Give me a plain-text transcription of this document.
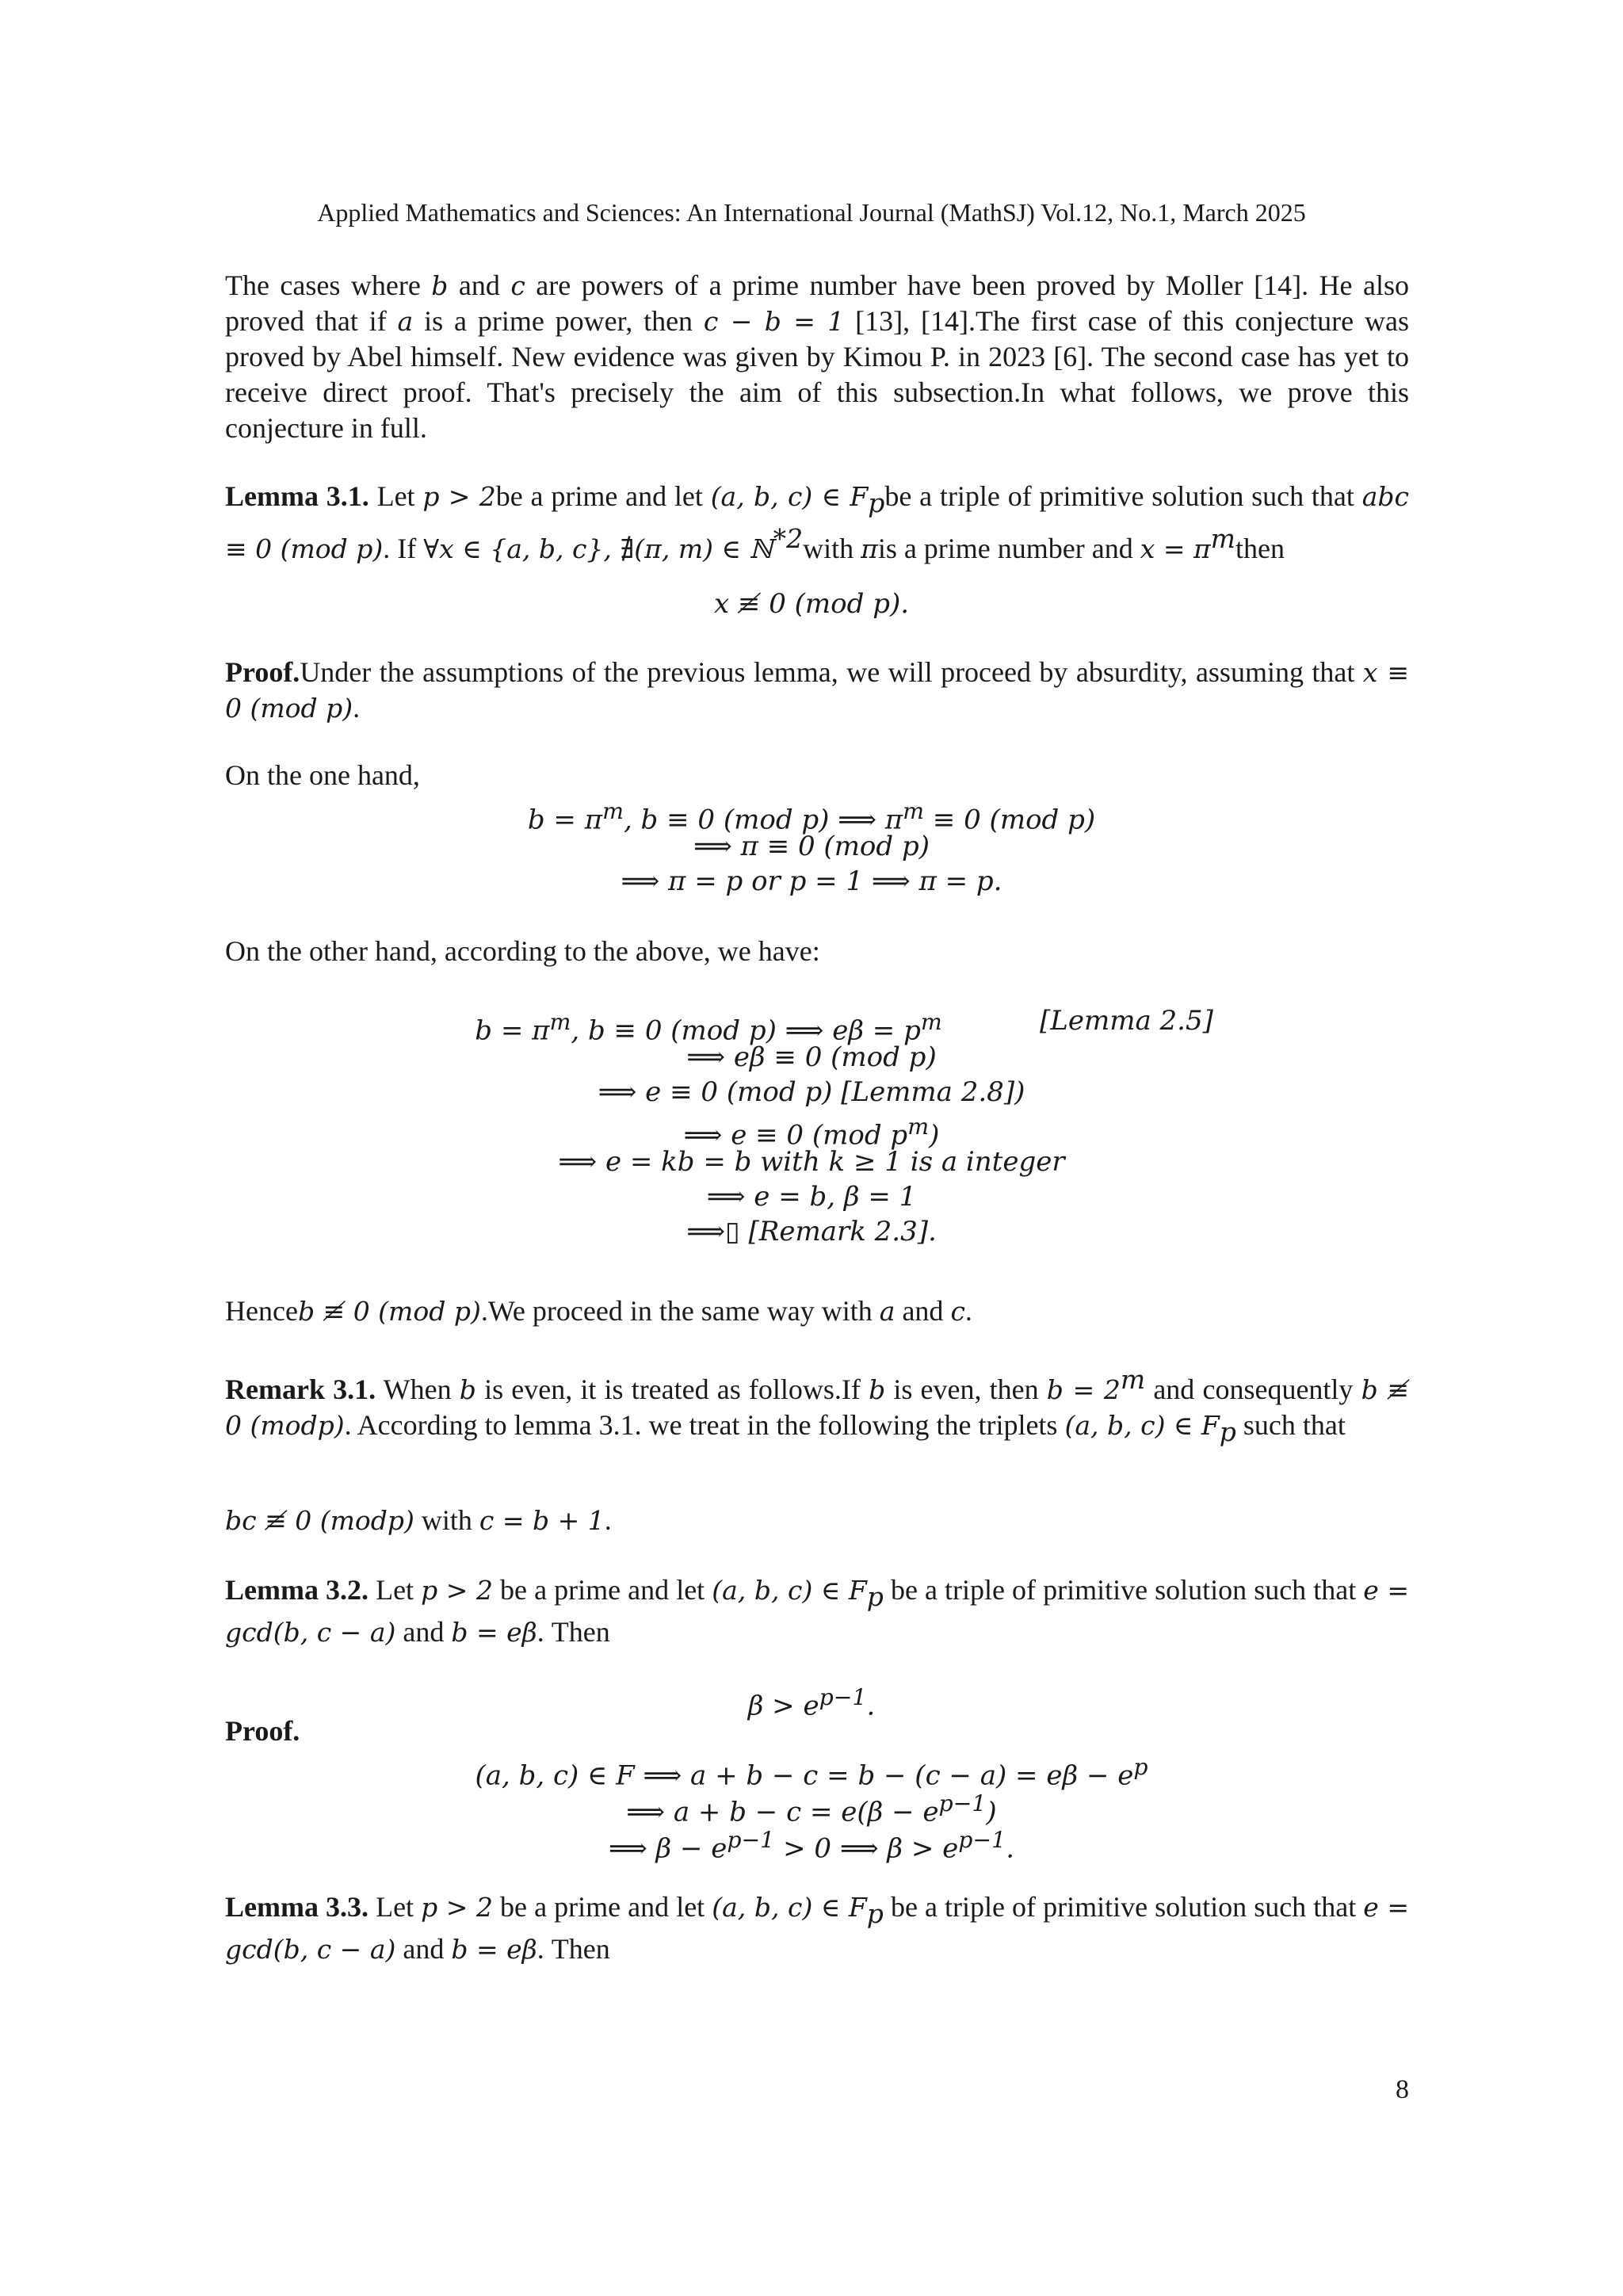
Applied Mathematics and Sciences: An International Journal (MathSJ) Vol.12, No.1, March 2025
The cases where b and c are powers of a prime number have been proved by Moller [14]. He also proved that if a is a prime power, then c − b = 1 [13], [14].The first case of this conjecture was proved by Abel himself. New evidence was given by Kimou P. in 2023 [6]. The second case has yet to receive direct proof. That's precisely the aim of this subsection.In what follows, we prove this conjecture in full.
Lemma 3.1. Let p > 2be a prime and let (a, b, c) ∈ $F_pbe$ a triple of primitive solution such that abc ≡ 0 (mod p). If ∀x ∈ {a, b, c}, ∄(π, m) ∈ ℕ$^{*2}$with πis a prime number and $x = \pi^mthen$
x ≢ 0 (mod p).
Proof.Under the assumptions of the previous lemma, we will proceed by absurdity, assuming that x ≡ 0 (mod p).
On the one hand,
$b = \pi^m$, b ≡ 0 (mod p) ⟹ $\pi^m \equiv 0$ (mod p)
⟹ π ≡ 0 (mod p)
⟹ π = p or p = 1 ⟹ π = p.
On the other hand, according to the above, we have:
$b = \pi^m$, b ≡ 0 (mod p) ⟹ $e\beta = p^m$	[Lemma 2.5]
⟹ eβ ≡ 0 (mod p)
⟹ e ≡ 0 (mod p) [Lemma 2.8])
⟹ e ≡ 0 (mod $p^m$)
⟹ e = kb = b with k ≥ 1 is a integer
⟹ e = b, β = 1
⟹▯ [Remark 2.3].
Henceb ≢ 0 (mod p).We proceed in the same way with a and c.
Remark 3.1. When b is even, it is treated as follows.If b is even, then $b = 2^m$ and consequently b ≢ 0 (modp). According to lemma 3.1. we treat in the following the triplets (a, b, c) ∈ $F_p$ such that
bc ≢ 0 (modp) with c = b + 1.
Lemma 3.2. Let p > 2 be a prime and let (a, b, c) ∈ $F_p$ be a triple of primitive solution such that e = gcd(b, c − a) and b = eβ. Then
$\beta > e^{p-1}$.
Proof.
(a, b, c) ∈ F ⟹ $a + b - c = b - (c - a) = e\beta - e^p$
⟹ $a + b - c = e(\beta - e^{p-1})$
⟹ $\beta - e^{p-1} > 0$ ⟹ $\beta > e^{p-1}$.
Lemma 3.3. Let p > 2 be a prime and let (a, b, c) ∈ $F_p$ be a triple of primitive solution such that e = gcd(b, c − a) and b = eβ. Then
8
